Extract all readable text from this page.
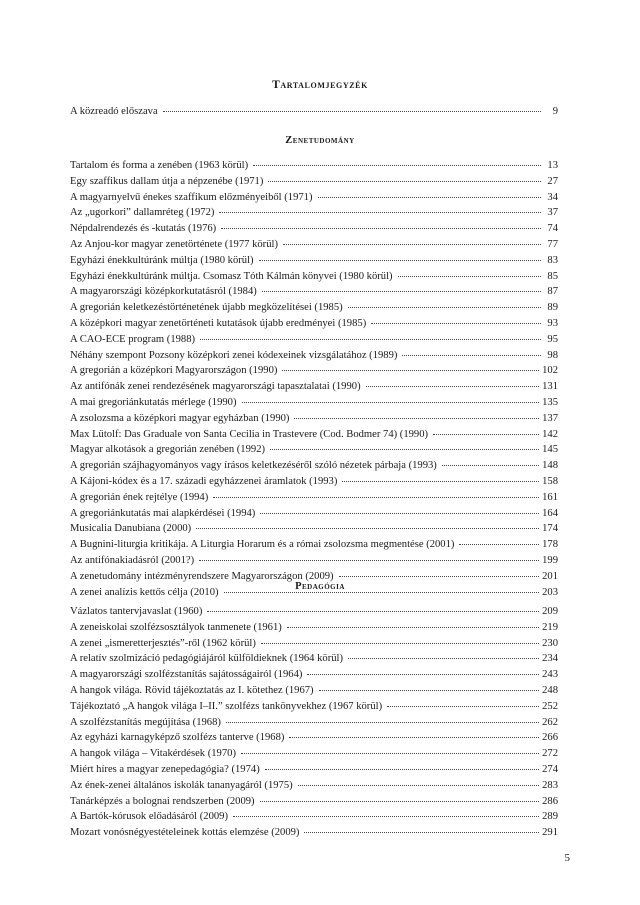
Tartalomjegyzék
A közreadó előszava	9
Zenetudomány
Tartalom és forma a zenében (1963 körül)	13
Egy szaffikus dallam útja a népzenébe (1971)	27
A magyarnyelvű énekes szaffikum előzményeiből (1971)	34
Az „ugorkori” dallamréteg (1972)	37
Népdalrendezés és -kutatás (1976)	74
Az Anjou-kor magyar zenetörténete (1977 körül)	77
Egyházi énekkultúránk múltja (1980 körül)	83
Egyházi énekkultúránk múltja. Csomasz Tóth Kálmán könyvei (1980 körül)	85
A magyarországi középkorkutatásról (1984)	87
A gregorián keletkezéstörténetének újabb megközelítései (1985)	89
A középkori magyar zenetörténeti kutatások újabb eredményei (1985)	93
A CAO-ECE program (1988)	95
Néhány szempont Pozsony középkori zenei kódexeinek vizsgálatához (1989)	98
A gregorián a középkori Magyarországon (1990)	102
Az antifónák zenei rendezésének magyarországi tapasztalatai (1990)	131
A mai gregoriánkutatás mérlege (1990)	135
A zsolozsma a középkori magyar egyházban (1990)	137
Max Lütolf: Das Graduale von Santa Cecilia in Trastevere (Cod. Bodmer 74) (1990)	142
Magyar alkotások a gregorián zenében (1992)	145
A gregorián szájhagyományos vagy írásos keletkezéséről szóló nézetek párbaja (1993)	148
A Kájoni-kódex és a 17. századi egyházzenei áramlatok (1993)	158
A gregorián ének rejtélye (1994)	161
A gregoriánkutatás mai alapkérdései (1994)	164
Musicalia Danubiana (2000)	174
A Bugnini-liturgia kritikája. A Liturgia Horarum és a római zsolozsma megmentése (2001)	178
Az antifónakiadásról (2001?)	199
A zenetudomány intézményrendszere Magyarországon (2009)	201
A zenei analízis kettős célja (2010)	203
Pedagógia
Vázlatos tantervjavaslat (1960)	209
A zeneiskolai szolfézsosztályok tanmenete (1961)	219
A zenei „ismeretterjesztés”-ről (1962 körül)	230
A relatív szolmizáció pedagógiájáról külföldieknek (1964 körül)	234
A magyarországi szolfézstanítás sajátosságairól (1964)	243
A hangok világa. Rövid tájékoztatás az I. kötethez (1967)	248
Tájékoztató „A hangok világa I–II.” szolfézs tankönyvekhez (1967 körül)	252
A szolfézstanítás megújítása (1968)	262
Az egyházi karnagyképző szolfézs tanterve (1968)	266
A hangok világa – Vitakérdések (1970)	272
Miért híres a magyar zenepedagógia? (1974)	274
Az ének-zenei általános iskolák tananyagáról (1975)	283
Tanárképzés a bolognai rendszerben (2009)	286
A Bartók-kórusok előadásáról (2009)	289
Mozart vonósnégyestételeinek kottás elemzése (2009)	291
5
